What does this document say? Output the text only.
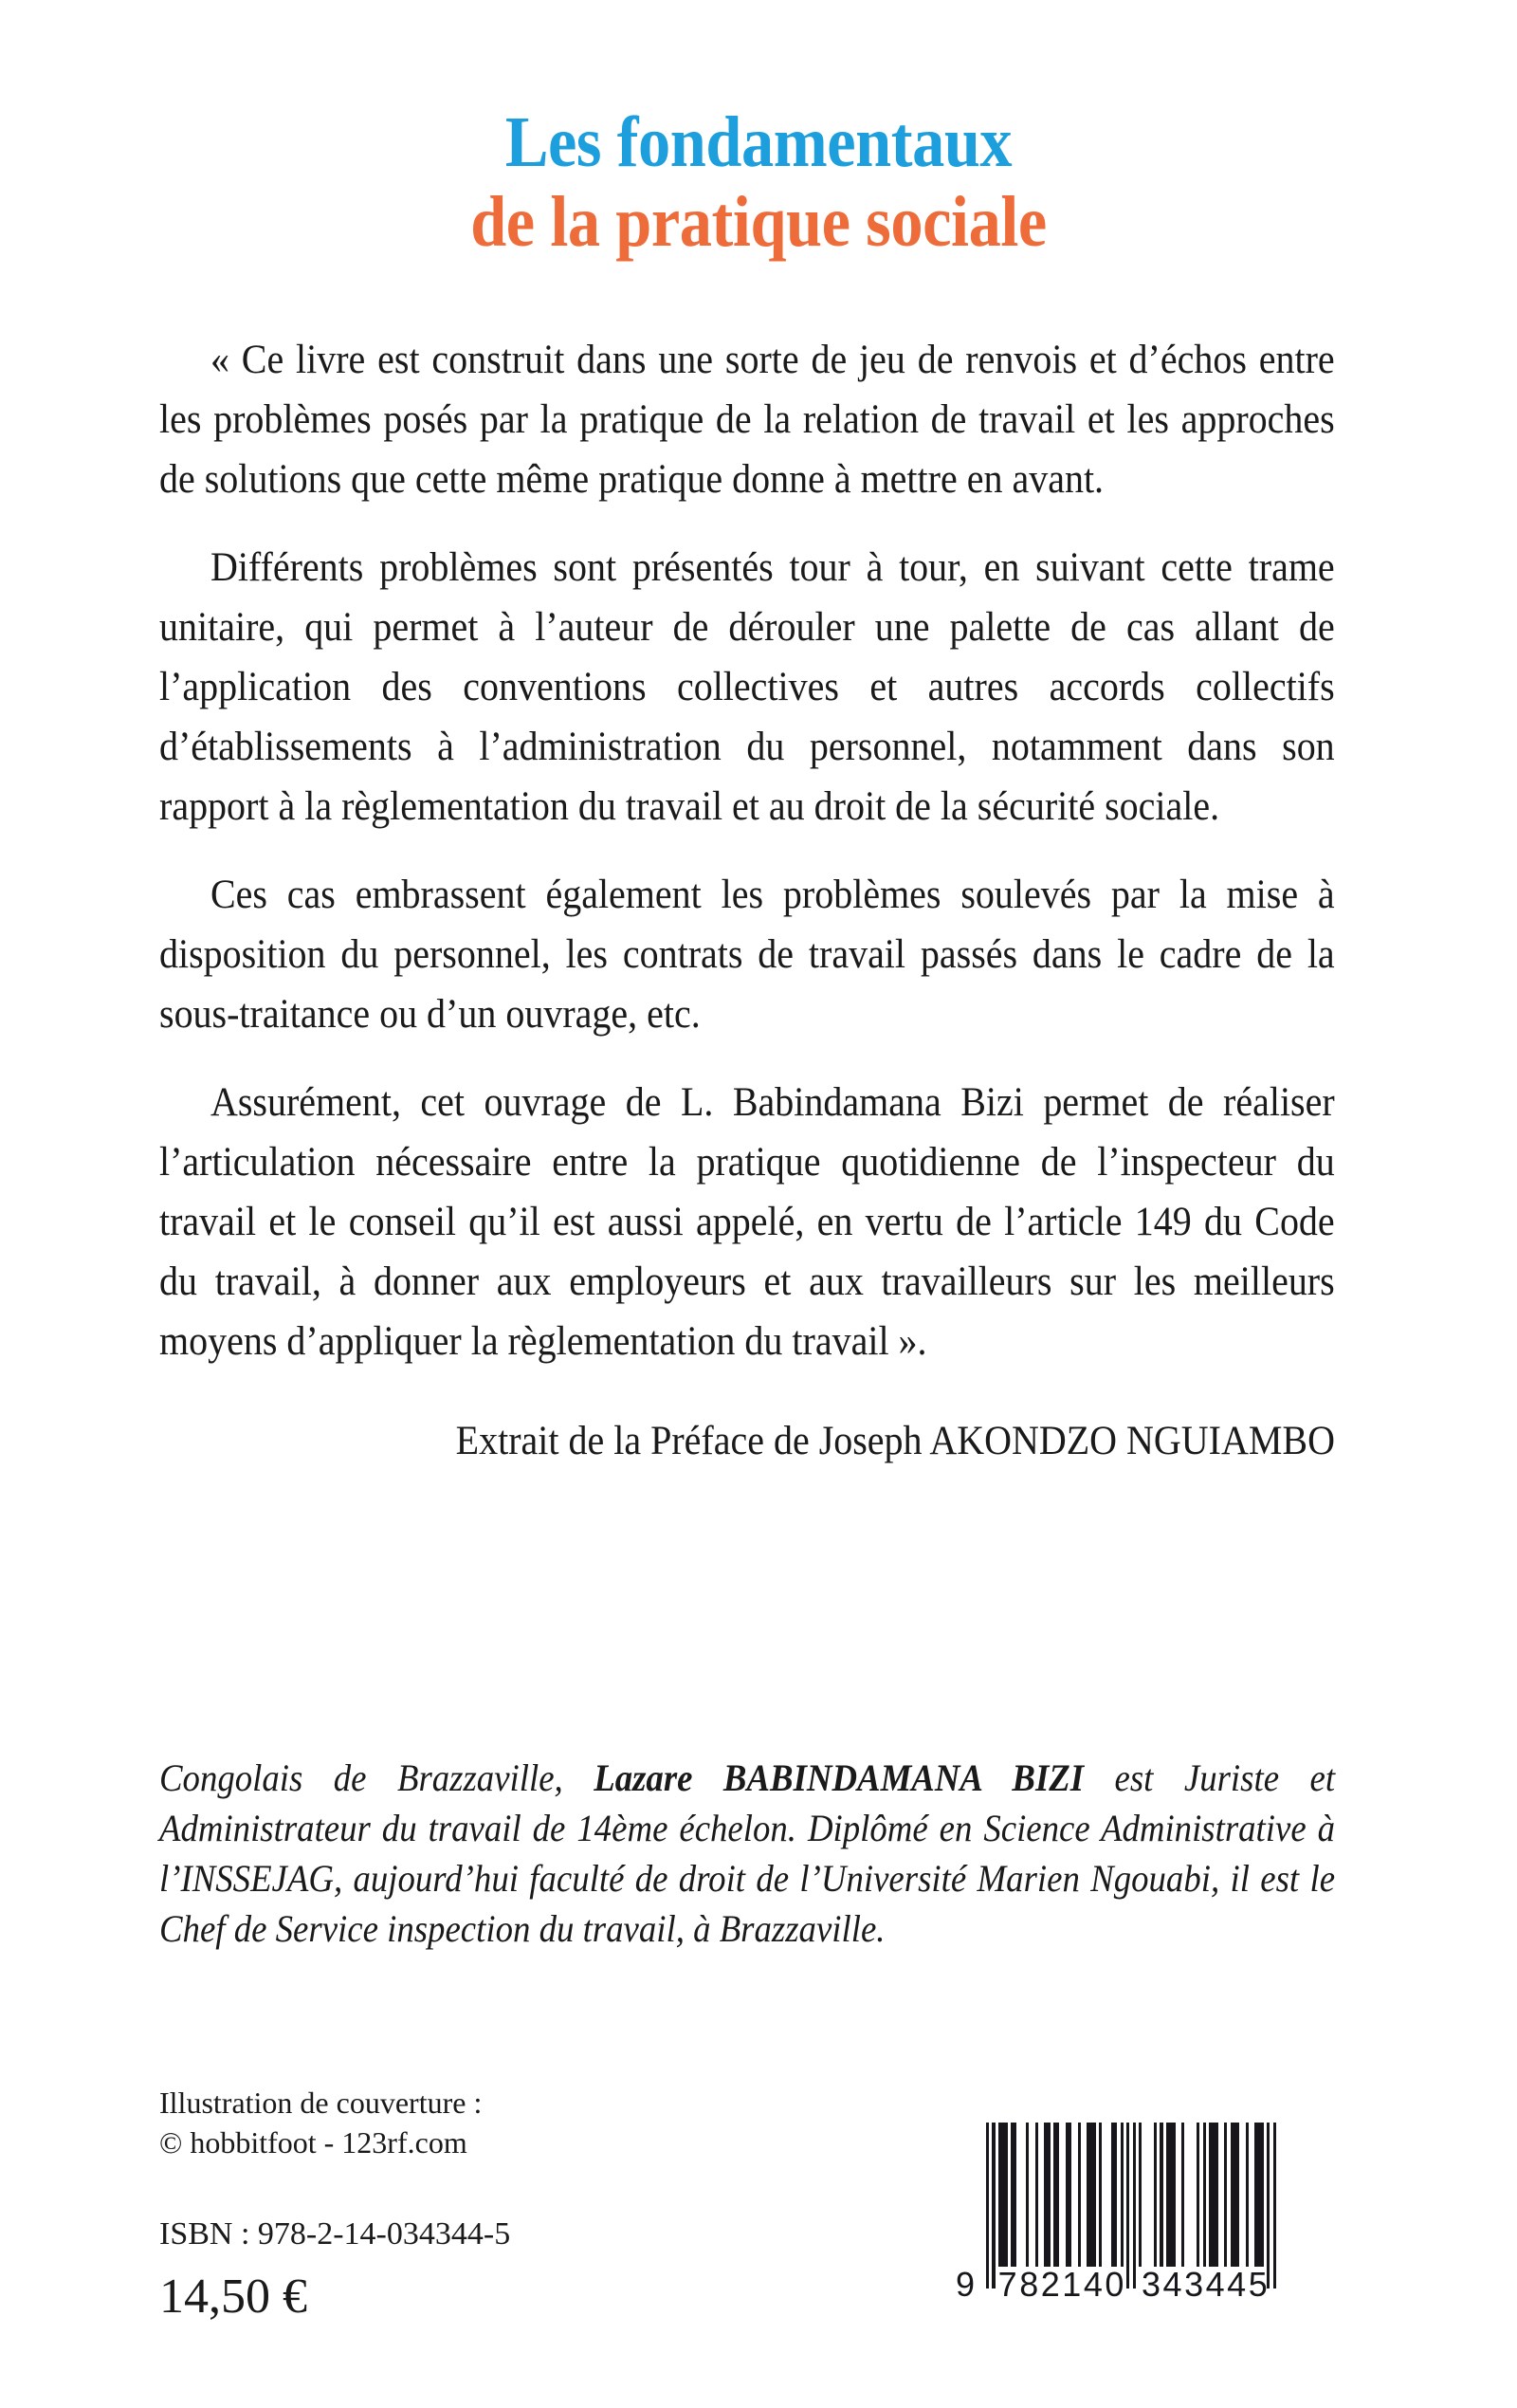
Les fondamentaux
de la pratique sociale

« Ce livre est construit dans une sorte de jeu de renvois et d’échos entre les problèmes posés par la pratique de la relation de travail et les approches de solutions que cette même pratique donne à mettre en avant.

Différents problèmes sont présentés tour à tour, en suivant cette trame unitaire, qui permet à l’auteur de dérouler une palette de cas allant de l’application des conventions collectives et autres accords collectifs d’établissements à l’administration du personnel, notamment dans son rapport à la règlementation du travail et au droit de la sécurité sociale.

Ces cas embrassent également les problèmes soulevés par la mise à disposition du personnel, les contrats de travail passés dans le cadre de la sous-traitance ou d’un ouvrage, etc.

Assurément, cet ouvrage de L. Babindamana Bizi permet de réaliser l’articulation nécessaire entre la pratique quotidienne de l’inspecteur du travail et le conseil qu’il est aussi appelé, en vertu de l’article 149 du Code du travail, à donner aux employeurs et aux travailleurs sur les meilleurs moyens d’appliquer la règlementation du travail ».

Extrait de la Préface de Joseph AKONDZO NGUIAMBO

Congolais de Brazzaville, Lazare BABINDAMANA BIZI est Juriste et Administrateur du travail de 14ème échelon. Diplômé en Science Administrative à l’INSSEJAG, aujourd’hui faculté de droit de l’Université Marien Ngouabi, il est le Chef de Service inspection du travail, à Brazzaville.

Illustration de couverture :

© hobbitfoot - 123rf.com

ISBN : 978-2-14-034344-5

14,50 €	9 7 8 2 1 4 0 3 4 3 4 4 5
